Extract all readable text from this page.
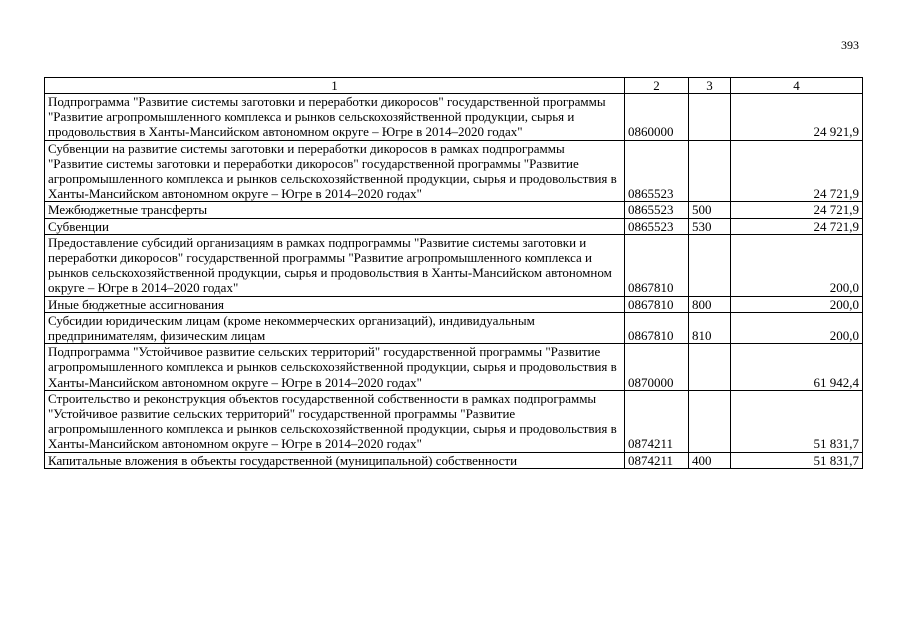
393
1	2	3	4
Подпрограмма "Развитие системы заготовки и переработки дикоросов" государственной программы "Развитие агропромышленного комплекса и рынков сельскохозяйственной продукции, сырья и продовольствия в Ханты-Мансийском автономном округе – Югре в 2014–2020 годах"	0860000		24 921,9
Субвенции на развитие системы заготовки и переработки дикоросов в рамках подпрограммы "Развитие системы заготовки и переработки дикоросов" государственной программы "Развитие агропромышленного комплекса и рынков сельскохозяйственной продукции, сырья и продовольствия в Ханты-Мансийском автономном округе – Югре в 2014–2020 годах"	0865523		24 721,9
Межбюджетные трансферты	0865523	500	24 721,9
Субвенции	0865523	530	24 721,9
Предоставление субсидий организациям в рамках подпрограммы "Развитие системы заготовки и переработки дикоросов" государственной программы "Развитие агропромышленного комплекса и рынков сельскохозяйственной продукции, сырья и продовольствия в Ханты-Мансийском автономном округе – Югре в 2014–2020 годах"	0867810		200,0
Иные бюджетные ассигнования	0867810	800	200,0
Субсидии юридическим лицам (кроме некоммерческих организаций), индивидуальным предпринимателям, физическим лицам	0867810	810	200,0
Подпрограмма "Устойчивое развитие сельских территорий" государственной программы "Развитие агропромышленного комплекса и рынков сельскохозяйственной продукции, сырья и продовольствия в Ханты-Мансийском автономном округе – Югре в 2014–2020 годах"	0870000		61 942,4
Строительство и реконструкция объектов государственной собственности в рамках подпрограммы "Устойчивое развитие сельских территорий" государственной программы "Развитие агропромышленного комплекса и рынков сельскохозяйственной продукции, сырья и продовольствия в Ханты-Мансийском автономном округе – Югре в 2014–2020 годах"	0874211		51 831,7
Капитальные вложения в объекты государственной (муниципальной) собственности	0874211	400	51 831,7
